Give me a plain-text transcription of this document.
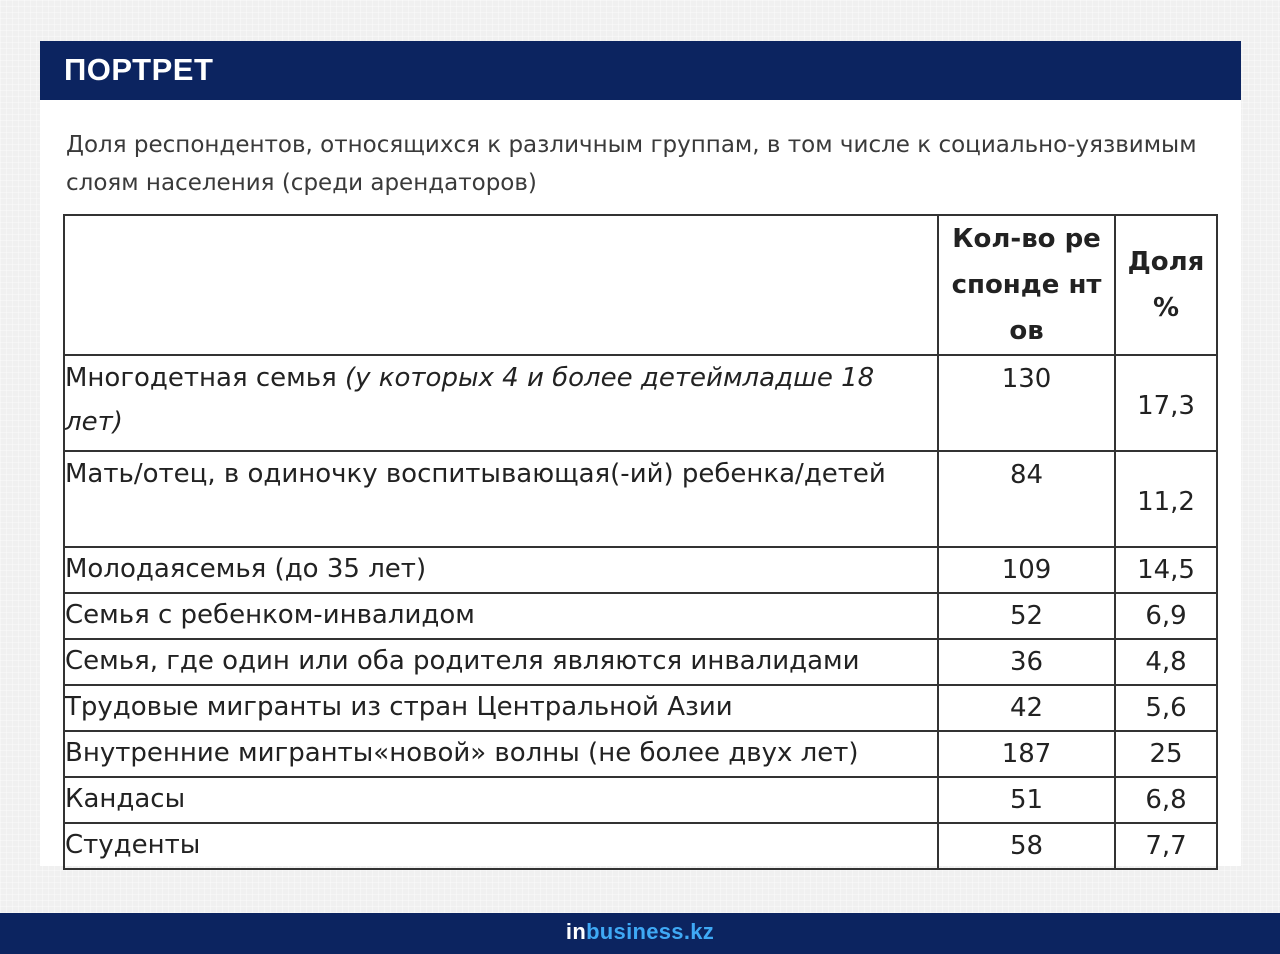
ПОРТРЕТ
Доля респондентов, относящихся к различным группам, в том числе к социально-уязвимым слоям населения (среди арендаторов)

	Кол-во респонде нтов	Доля %

Многодетная семья (у которых 4 и более детеймладше 18 лет)	130	17,3
Мать/отец, в одиночку воспитывающая(-ий) ребенка/детей	84	11,2
Молодаясемья (до 35 лет)	109	14,5
Семья с ребенком-инвалидом	52	6,9
Семья, где один или оба родителя являются инвалидами	36	4,8
Трудовые мигранты из стран Центральной Азии	42	5,6
Внутренние мигранты«новой» волны (не более двух лет)	187	25
Кандасы	51	6,8
Студенты	58	7,7
inbusiness.kz
